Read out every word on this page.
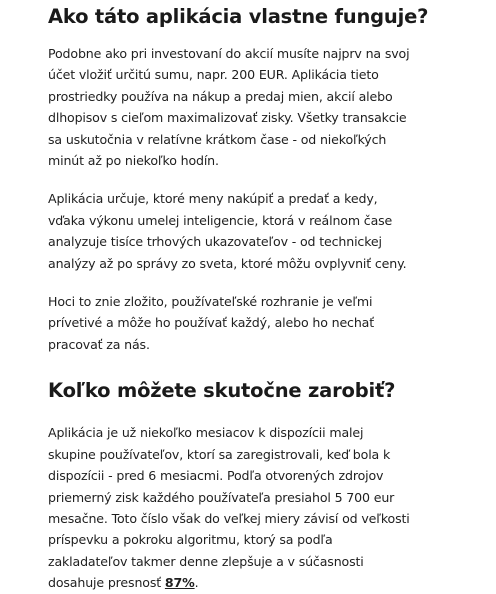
Ako táto aplikácia vlastne funguje?

Podobne ako pri investovaní do akcií musíte najprv na svoj
účet vložiť určitú sumu, napr. 200 EUR. Aplikácia tieto
prostriedky používa na nákup a predaj mien, akcií alebo
dlhopisov s cieľom maximalizovať zisky. Všetky transakcie
sa uskutočnia v relatívne krátkom čase - od niekoľkých
minút až po niekoľko hodín.

Aplikácia určuje, ktoré meny nakúpiť a predať a kedy,
vďaka výkonu umelej inteligencie, ktorá v reálnom čase
analyzuje tisíce trhových ukazovateľov - od technickej
analýzy až po správy zo sveta, ktoré môžu ovplyvniť ceny.

Hoci to znie zložito, používateľské rozhranie je veľmi
prívetivé a môže ho používať každý, alebo ho nechať
pracovať za nás.

Koľko môžete skutočne zarobiť?

Aplikácia je už niekoľko mesiacov k dispozícii malej
skupine používateľov, ktorí sa zaregistrovali, keď bola k
dispozícii - pred 6 mesiacmi. Podľa otvorených zdrojov
priemerný zisk každého používateľa presiahol 5 700 eur
mesačne. Toto číslo však do veľkej miery závisí od veľkosti
príspevku a pokroku algoritmu, ktorý sa podľa
zakladateľov takmer denne zlepšuje a v súčasnosti
dosahuje presnosť 87%.
